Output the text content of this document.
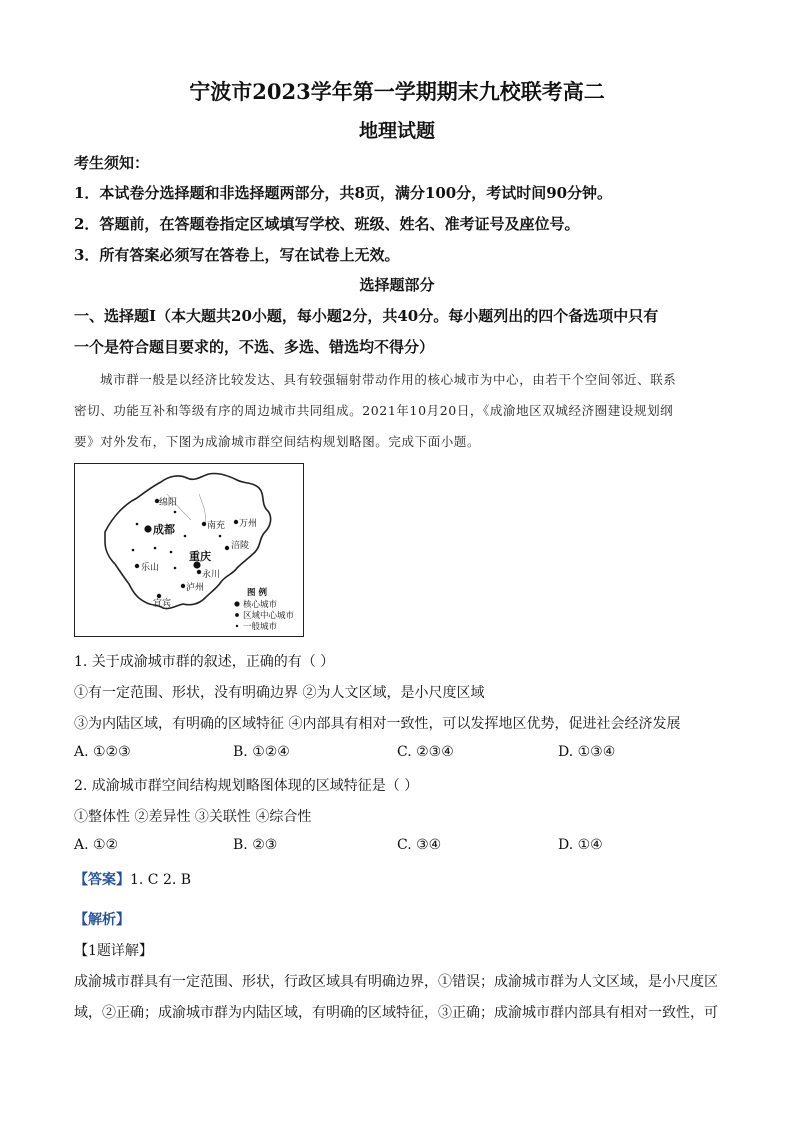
宁波市2023学年第一学期期末九校联考高二
地理试题
考生须知：
1．本试卷分选择题和非选择题两部分，共8页，满分100分，考试时间90分钟。
2．答题前，在答题卷指定区域填写学校、班级、姓名、准考证号及座位号。
3．所有答案必须写在答卷上，写在试卷上无效。
选择题部分
一、选择题Ⅰ（本大题共20小题，每小题2分，共40分。每小题列出的四个备选项中只有
一个是符合题目要求的，不选、多选、错选均不得分）
城市群一般是以经济比较发达、具有较强辐射带动作用的核心城市为中心，由若干个空间邻近、联系
密切、功能互补和等级有序的周边城市共同组成。2021年10月20日，《成渝地区双城经济圈建设规划纲
要》对外发布，下图为成渝城市群空间结构规划略图。完成下面小题。
绵阳
成都	南充 万州
涪陵
重庆
永川
乐山
泸州
宜宾
图 例
核心城市
区域中心城市
一般城市
1. 关于成渝城市群的叙述，正确的有（ ）
①有一定范围、形状，没有明确边界 ②为人文区域，是小尺度区域
③为内陆区域，有明确的区域特征 ④内部具有相对一致性，可以发挥地区优势，促进社会经济发展
A. ①②③	B. ①②④	C. ②③④	D. ①③④
2. 成渝城市群空间结构规划略图体现的区域特征是（ ）
①整体性 ②差异性 ③关联性 ④综合性
A. ①②	B. ②③	C. ③④	D. ①④
【答案】1. C 2. B
【解析】
【1题详解】
成渝城市群具有一定范围、形状，行政区域具有明确边界，①错误；成渝城市群为人文区域，是小尺度区
域，②正确；成渝城市群为内陆区域，有明确的区域特征，③正确；成渝城市群内部具有相对一致性，可
